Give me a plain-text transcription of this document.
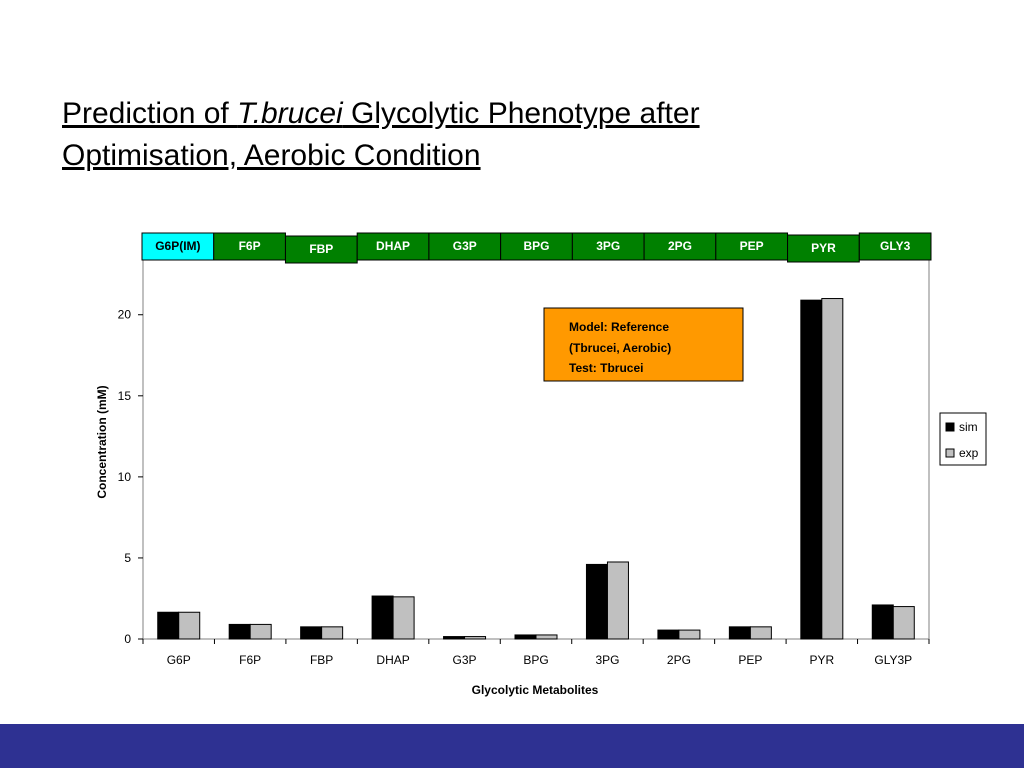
Prediction of T.brucei Glycolytic Phenotype after
Optimisation, Aerobic Condition
0
5
10
15
20
G6P	F6P	FBP	DHAP	G3P	BPG	3PG	2PG	PEP	PYR	GLY3P
G6P(IM)	F6P	FBP	DHAP	G3P	BPG	3PG	2PG	PEP	PYR	GLY3
Concentration (mM)
Glycolytic Metabolites
Model: Reference
(Tbrucei, Aerobic)
Test: Tbrucei
sim
exp
